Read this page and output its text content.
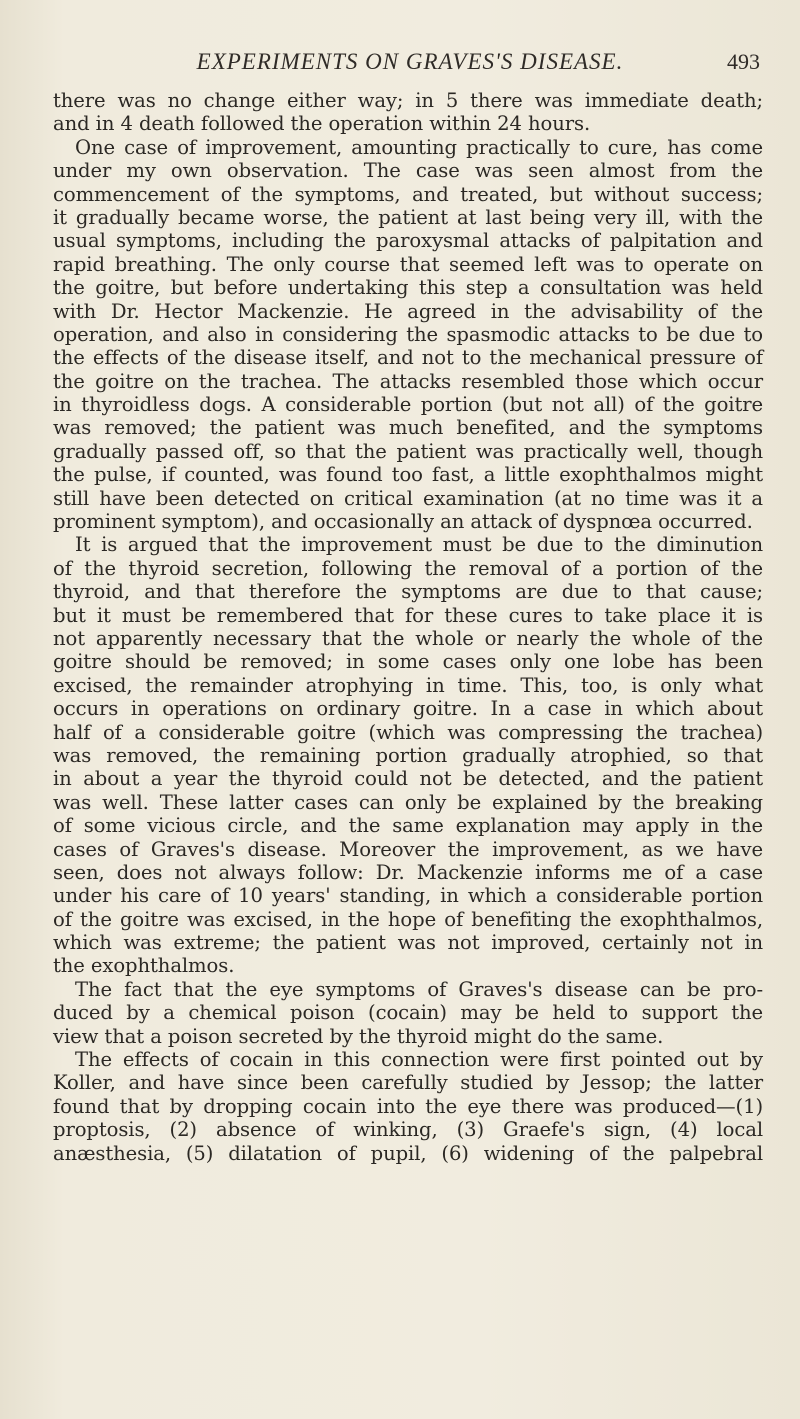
EXPERIMENTS ON GRAVES'S DISEASE.	493
there was no change either way; in 5 there was immediate death;
and in 4 death followed the operation within 24 hours.
One case of improvement, amounting practically to cure, has come
under my own observation. The case was seen almost from the
commencement of the symptoms, and treated, but without success;
it gradually became worse, the patient at last being very ill, with the
usual symptoms, including the paroxysmal attacks of palpitation and
rapid breathing. The only course that seemed left was to operate on
the goitre, but before undertaking this step a consultation was held
with Dr. Hector Mackenzie. He agreed in the advisability of the
operation, and also in considering the spasmodic attacks to be due to
the effects of the disease itself, and not to the mechanical pressure of
the goitre on the trachea. The attacks resembled those which occur
in thyroidless dogs. A considerable portion (but not all) of the goitre
was removed; the patient was much benefited, and the symptoms
gradually passed off, so that the patient was practically well, though
the pulse, if counted, was found too fast, a little exophthalmos might
still have been detected on critical examination (at no time was it a
prominent symptom), and occasionally an attack of dyspnœa occurred.
It is argued that the improvement must be due to the diminution
of the thyroid secretion, following the removal of a portion of the
thyroid, and that therefore the symptoms are due to that cause;
but it must be remembered that for these cures to take place it is
not apparently necessary that the whole or nearly the whole of the
goitre should be removed; in some cases only one lobe has been
excised, the remainder atrophying in time. This, too, is only what
occurs in operations on ordinary goitre. In a case in which about
half of a considerable goitre (which was compressing the trachea)
was removed, the remaining portion gradually atrophied, so that
in about a year the thyroid could not be detected, and the patient
was well. These latter cases can only be explained by the breaking
of some vicious circle, and the same explanation may apply in the
cases of Graves's disease. Moreover the improvement, as we have
seen, does not always follow: Dr. Mackenzie informs me of a case
under his care of 10 years' standing, in which a considerable portion
of the goitre was excised, in the hope of benefiting the exophthalmos,
which was extreme; the patient was not improved, certainly not in
the exophthalmos.
The fact that the eye symptoms of Graves's disease can be pro-
duced by a chemical poison (cocain) may be held to support the
view that a poison secreted by the thyroid might do the same.
The effects of cocain in this connection were first pointed out by
Koller, and have since been carefully studied by Jessop; the latter
found that by dropping cocain into the eye there was produced—(1)
proptosis, (2) absence of winking, (3) Graefe's sign, (4) local
anæsthesia, (5) dilatation of pupil, (6) widening of the palpebral
